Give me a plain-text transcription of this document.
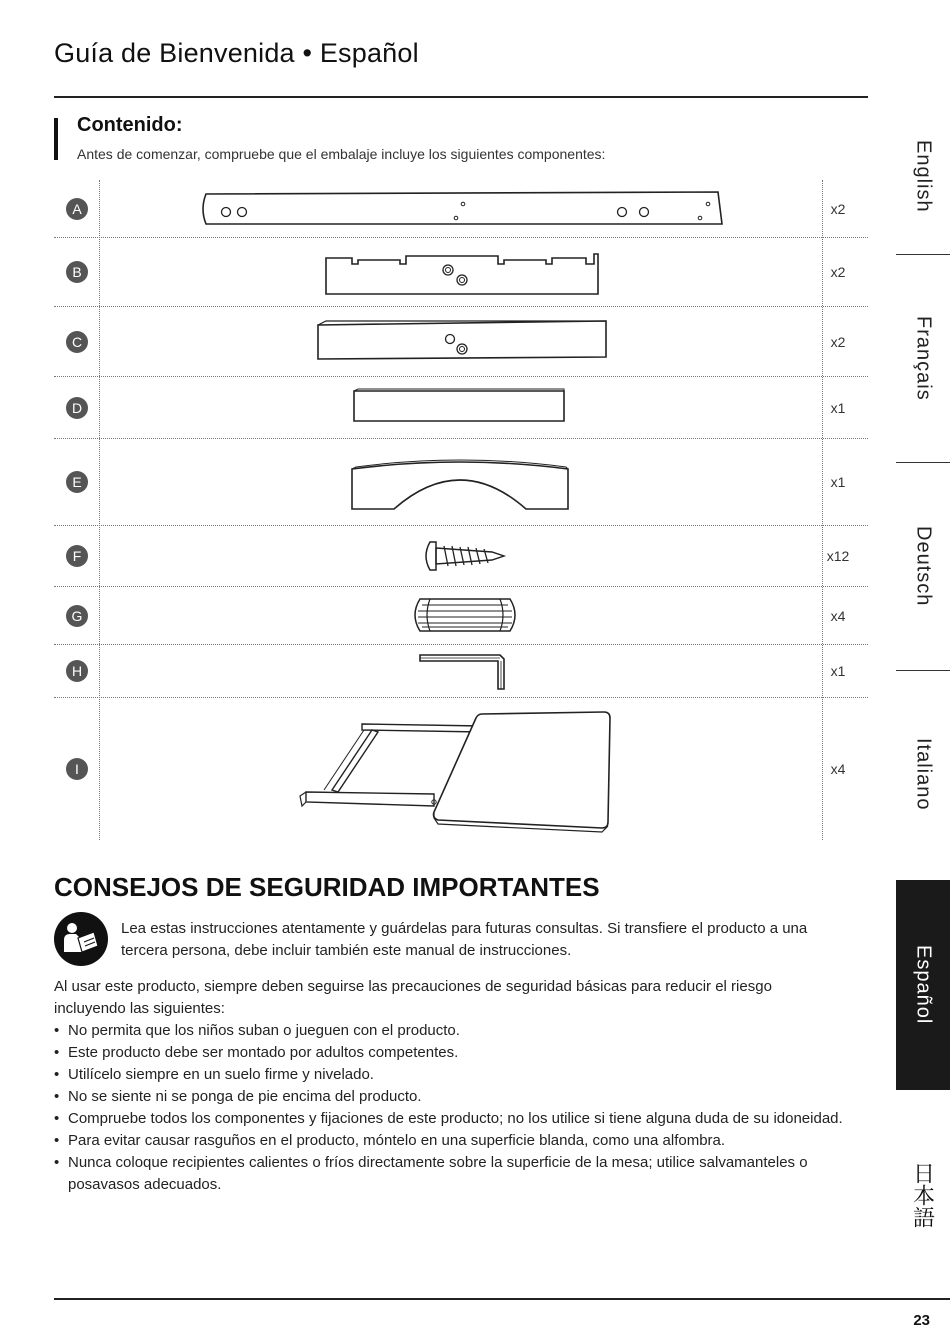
Guía de Bienvenida • Español
Contenido:
Antes de comenzar, compruebe que el embalaje incluye los siguientes componentes:
A	x2
B	x2
C	x2
D	x1
E	x1
F	x12
G	x4
H	x1
I	x4
CONSEJOS DE SEGURIDAD IMPORTANTES
Lea estas instrucciones atentamente y guárdelas para futuras consultas. Si transfiere el producto a una tercera persona, debe incluir también este manual de instrucciones.
Al usar este producto, siempre deben seguirse las precauciones de seguridad básicas para reducir el riesgo incluyendo las siguientes:
• No permita que los niños suban o jueguen con el producto.
• Este producto debe ser montado por adultos competentes.
• Utilícelo siempre en un suelo firme y nivelado.
• No se siente ni se ponga de pie encima del producto.
• Compruebe todos los componentes y fijaciones de este producto; no los utilice si tiene alguna duda de su idoneidad.
• Para evitar causar rasguños en el producto, móntelo en una superficie blanda, como una alfombra.
• Nunca coloque recipientes calientes o fríos directamente sobre la superficie de la mesa; utilice salvamanteles o posavasos adecuados.
English
Français
Deutsch
Italiano
Español
日本語
23
